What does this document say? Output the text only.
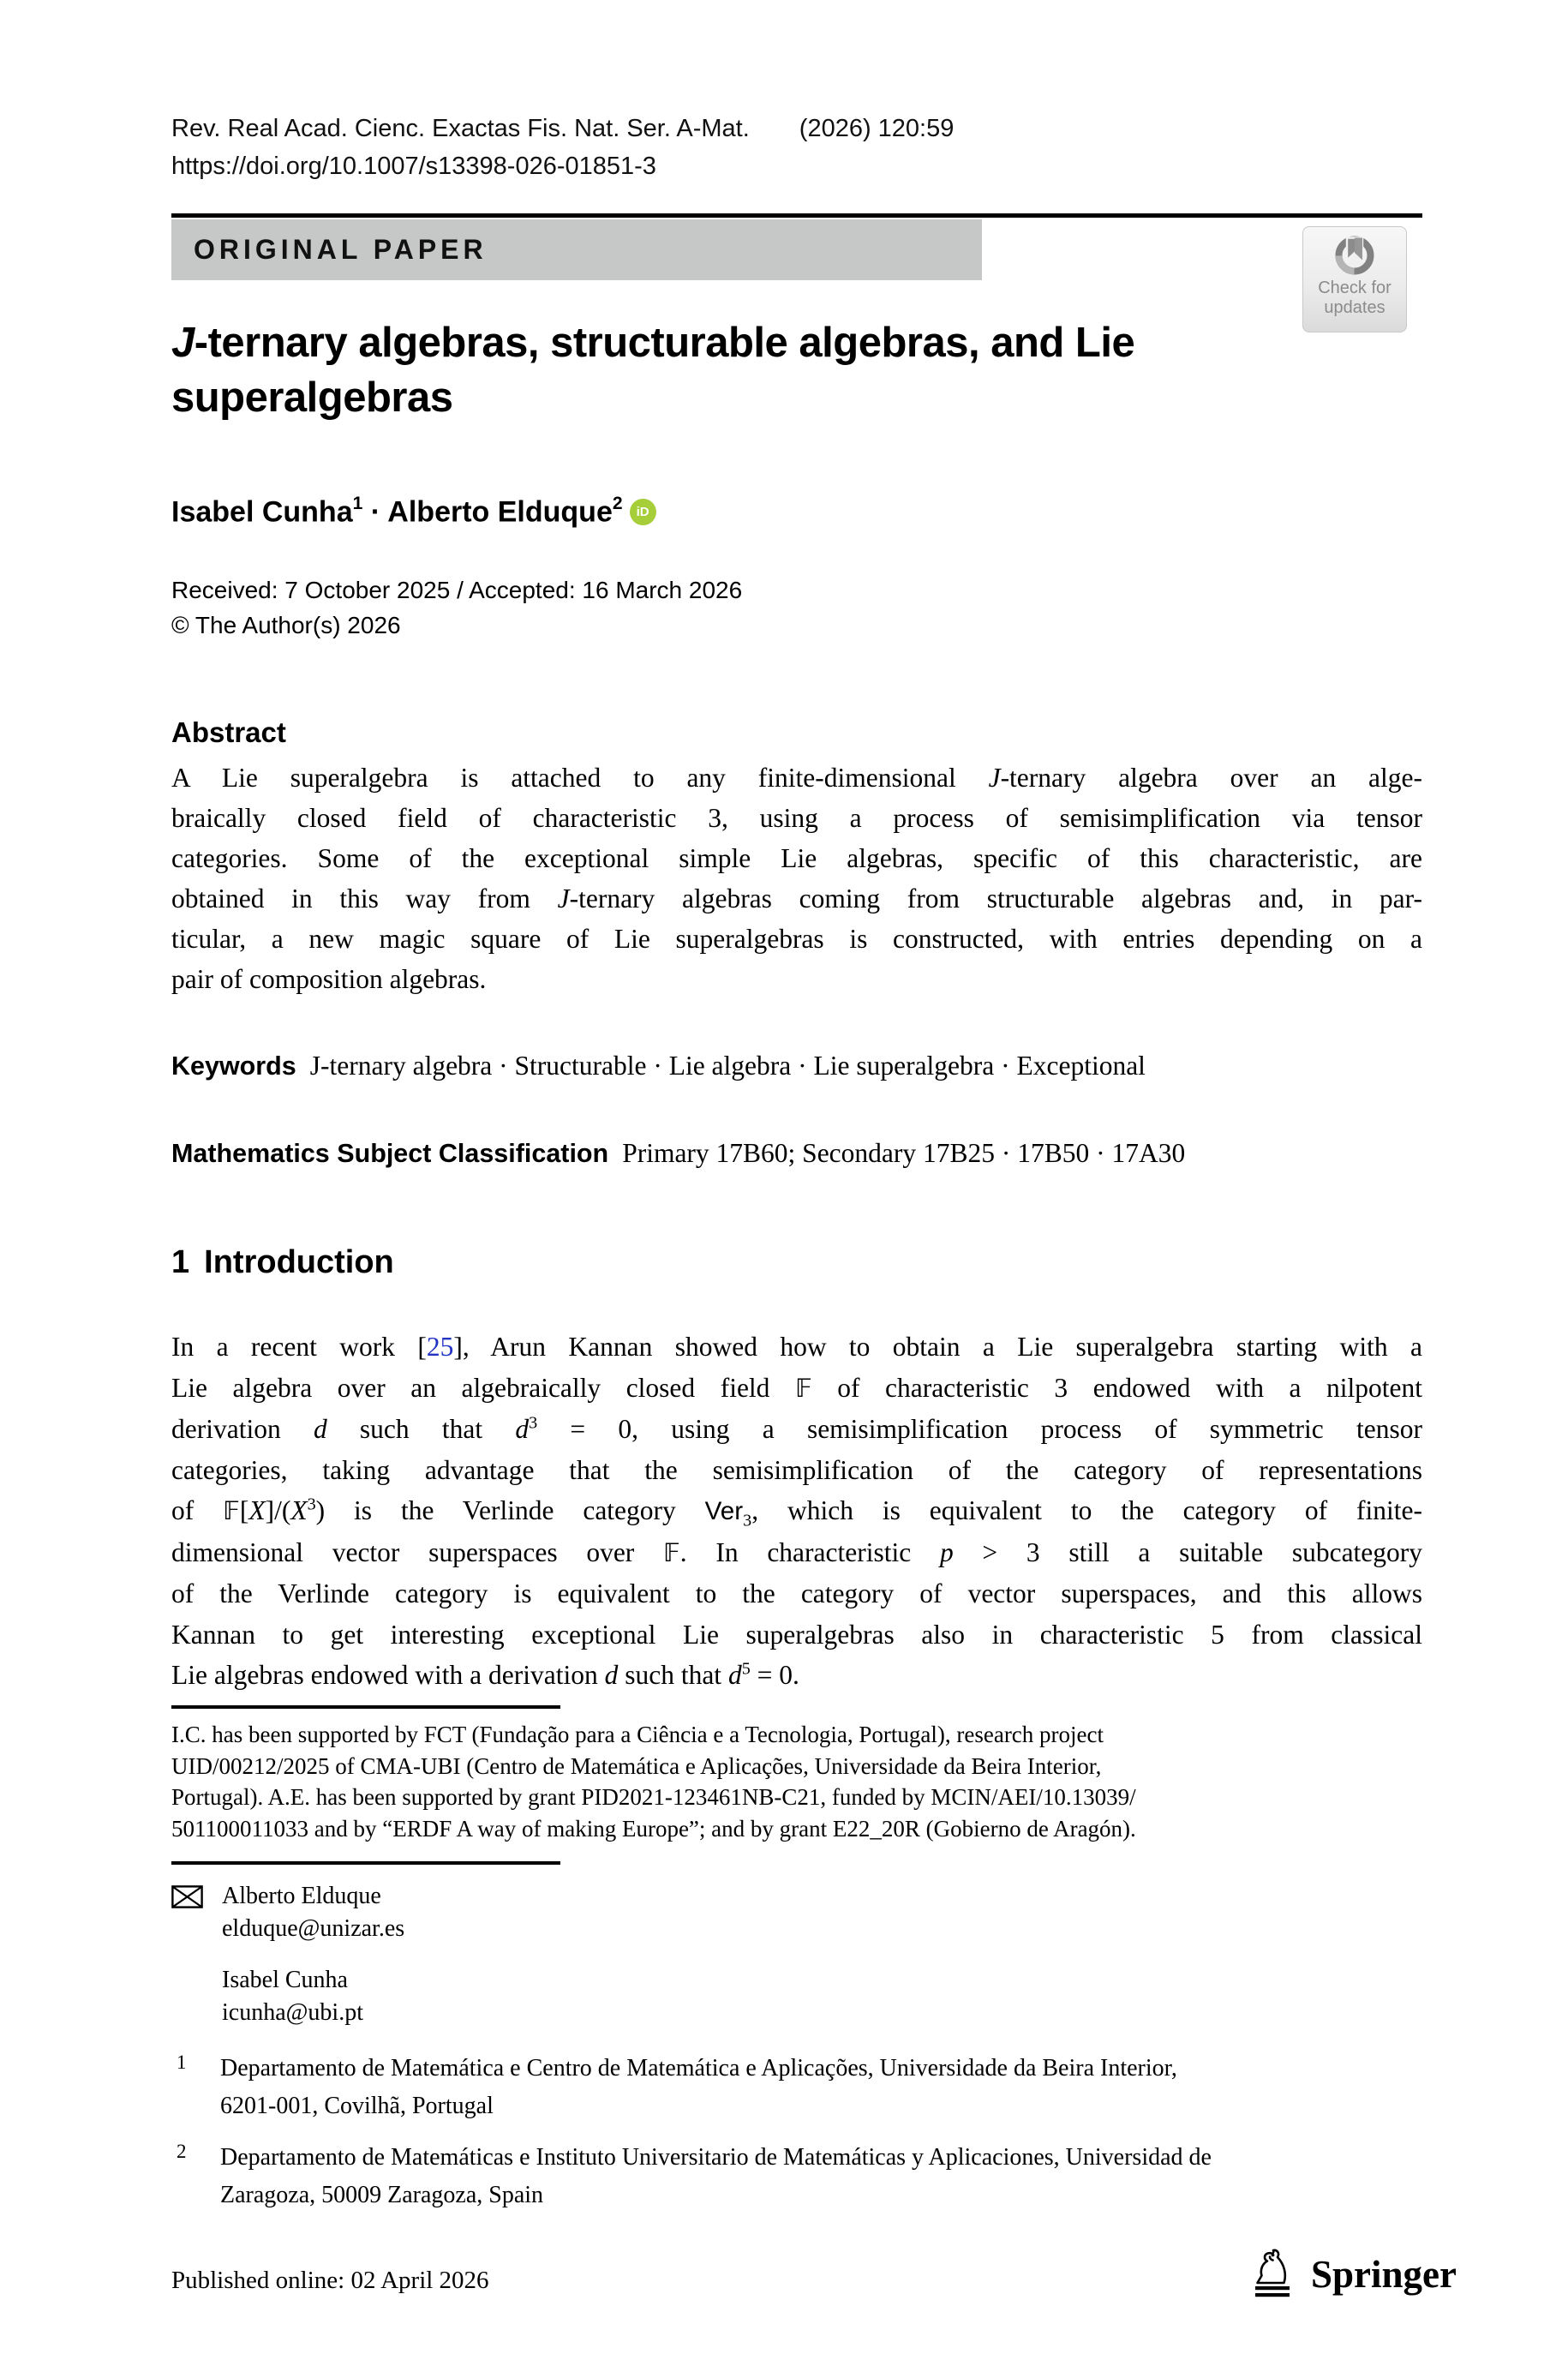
Rev. Real Acad. Cienc. Exactas Fis. Nat. Ser. A-Mat. (2026) 120:59
https://doi.org/10.1007/s13398-026-01851-3
ORIGINAL PAPER
Check for
updates
J-ternary algebras, structurable algebras, and Lie
superalgebras
Isabel Cunha$^1$ · Alberto Elduque$^2$	iD
Received: 7 October 2025 / Accepted: 16 March 2026
© The Author(s) 2026
Abstract
A Lie superalgebra is attached to any finite-dimensional J-ternary algebra over an alge-
braically closed field of characteristic 3, using a process of semisimplification via tensor
categories. Some of the exceptional simple Lie algebras, specific of this characteristic, are
obtained in this way from J-ternary algebras coming from structurable algebras and, in par-
ticular, a new magic square of Lie superalgebras is constructed, with entries depending on a
pair of composition algebras.
Keywords J-ternary algebra · Structurable · Lie algebra · Lie superalgebra · Exceptional
Mathematics Subject Classification Primary 17B60; Secondary 17B25 · 17B50 · 17A30
1 Introduction
In a recent work [25], Arun Kannan showed how to obtain a Lie superalgebra starting with a
Lie algebra over an algebraically closed field 𝔽 of characteristic 3 endowed with a nilpotent
derivation d such that $d^3 = 0$, using a semisimplification process of symmetric tensor
categories, taking advantage that the semisimplification of the category of representations
of $𝔽[X]/(X^3)$ is the Verlinde category Ver$_3$, which is equivalent to the category of finite-
dimensional vector superspaces over 𝔽. In characteristic p > 3 still a suitable subcategory
of the Verlinde category is equivalent to the category of vector superspaces, and this allows
Kannan to get interesting exceptional Lie superalgebras also in characteristic 5 from classical
Lie algebras endowed with a derivation d such that $d^5 = 0$.
I.C. has been supported by FCT (Fundação para a Ciência e a Tecnologia, Portugal), research project
UID/00212/2025 of CMA-UBI (Centro de Matemática e Aplicações, Universidade da Beira Interior,
Portugal). A.E. has been supported by grant PID2021-123461NB-C21, funded by MCIN/AEI/10.13039/
501100011033 and by “ERDF A way of making Europe”; and by grant E22_20R (Gobierno de Aragón).
Alberto Elduque
elduque@unizar.es
Isabel Cunha
icunha@ubi.pt
1 Departamento de Matemática e Centro de Matemática e Aplicações, Universidade da Beira Interior,
6201-001, Covilhã, Portugal
2 Departamento de Matemáticas e Instituto Universitario de Matemáticas y Aplicaciones, Universidad de
Zaragoza, 50009 Zaragoza, Spain
Published online: 02 April 2026	Springer
